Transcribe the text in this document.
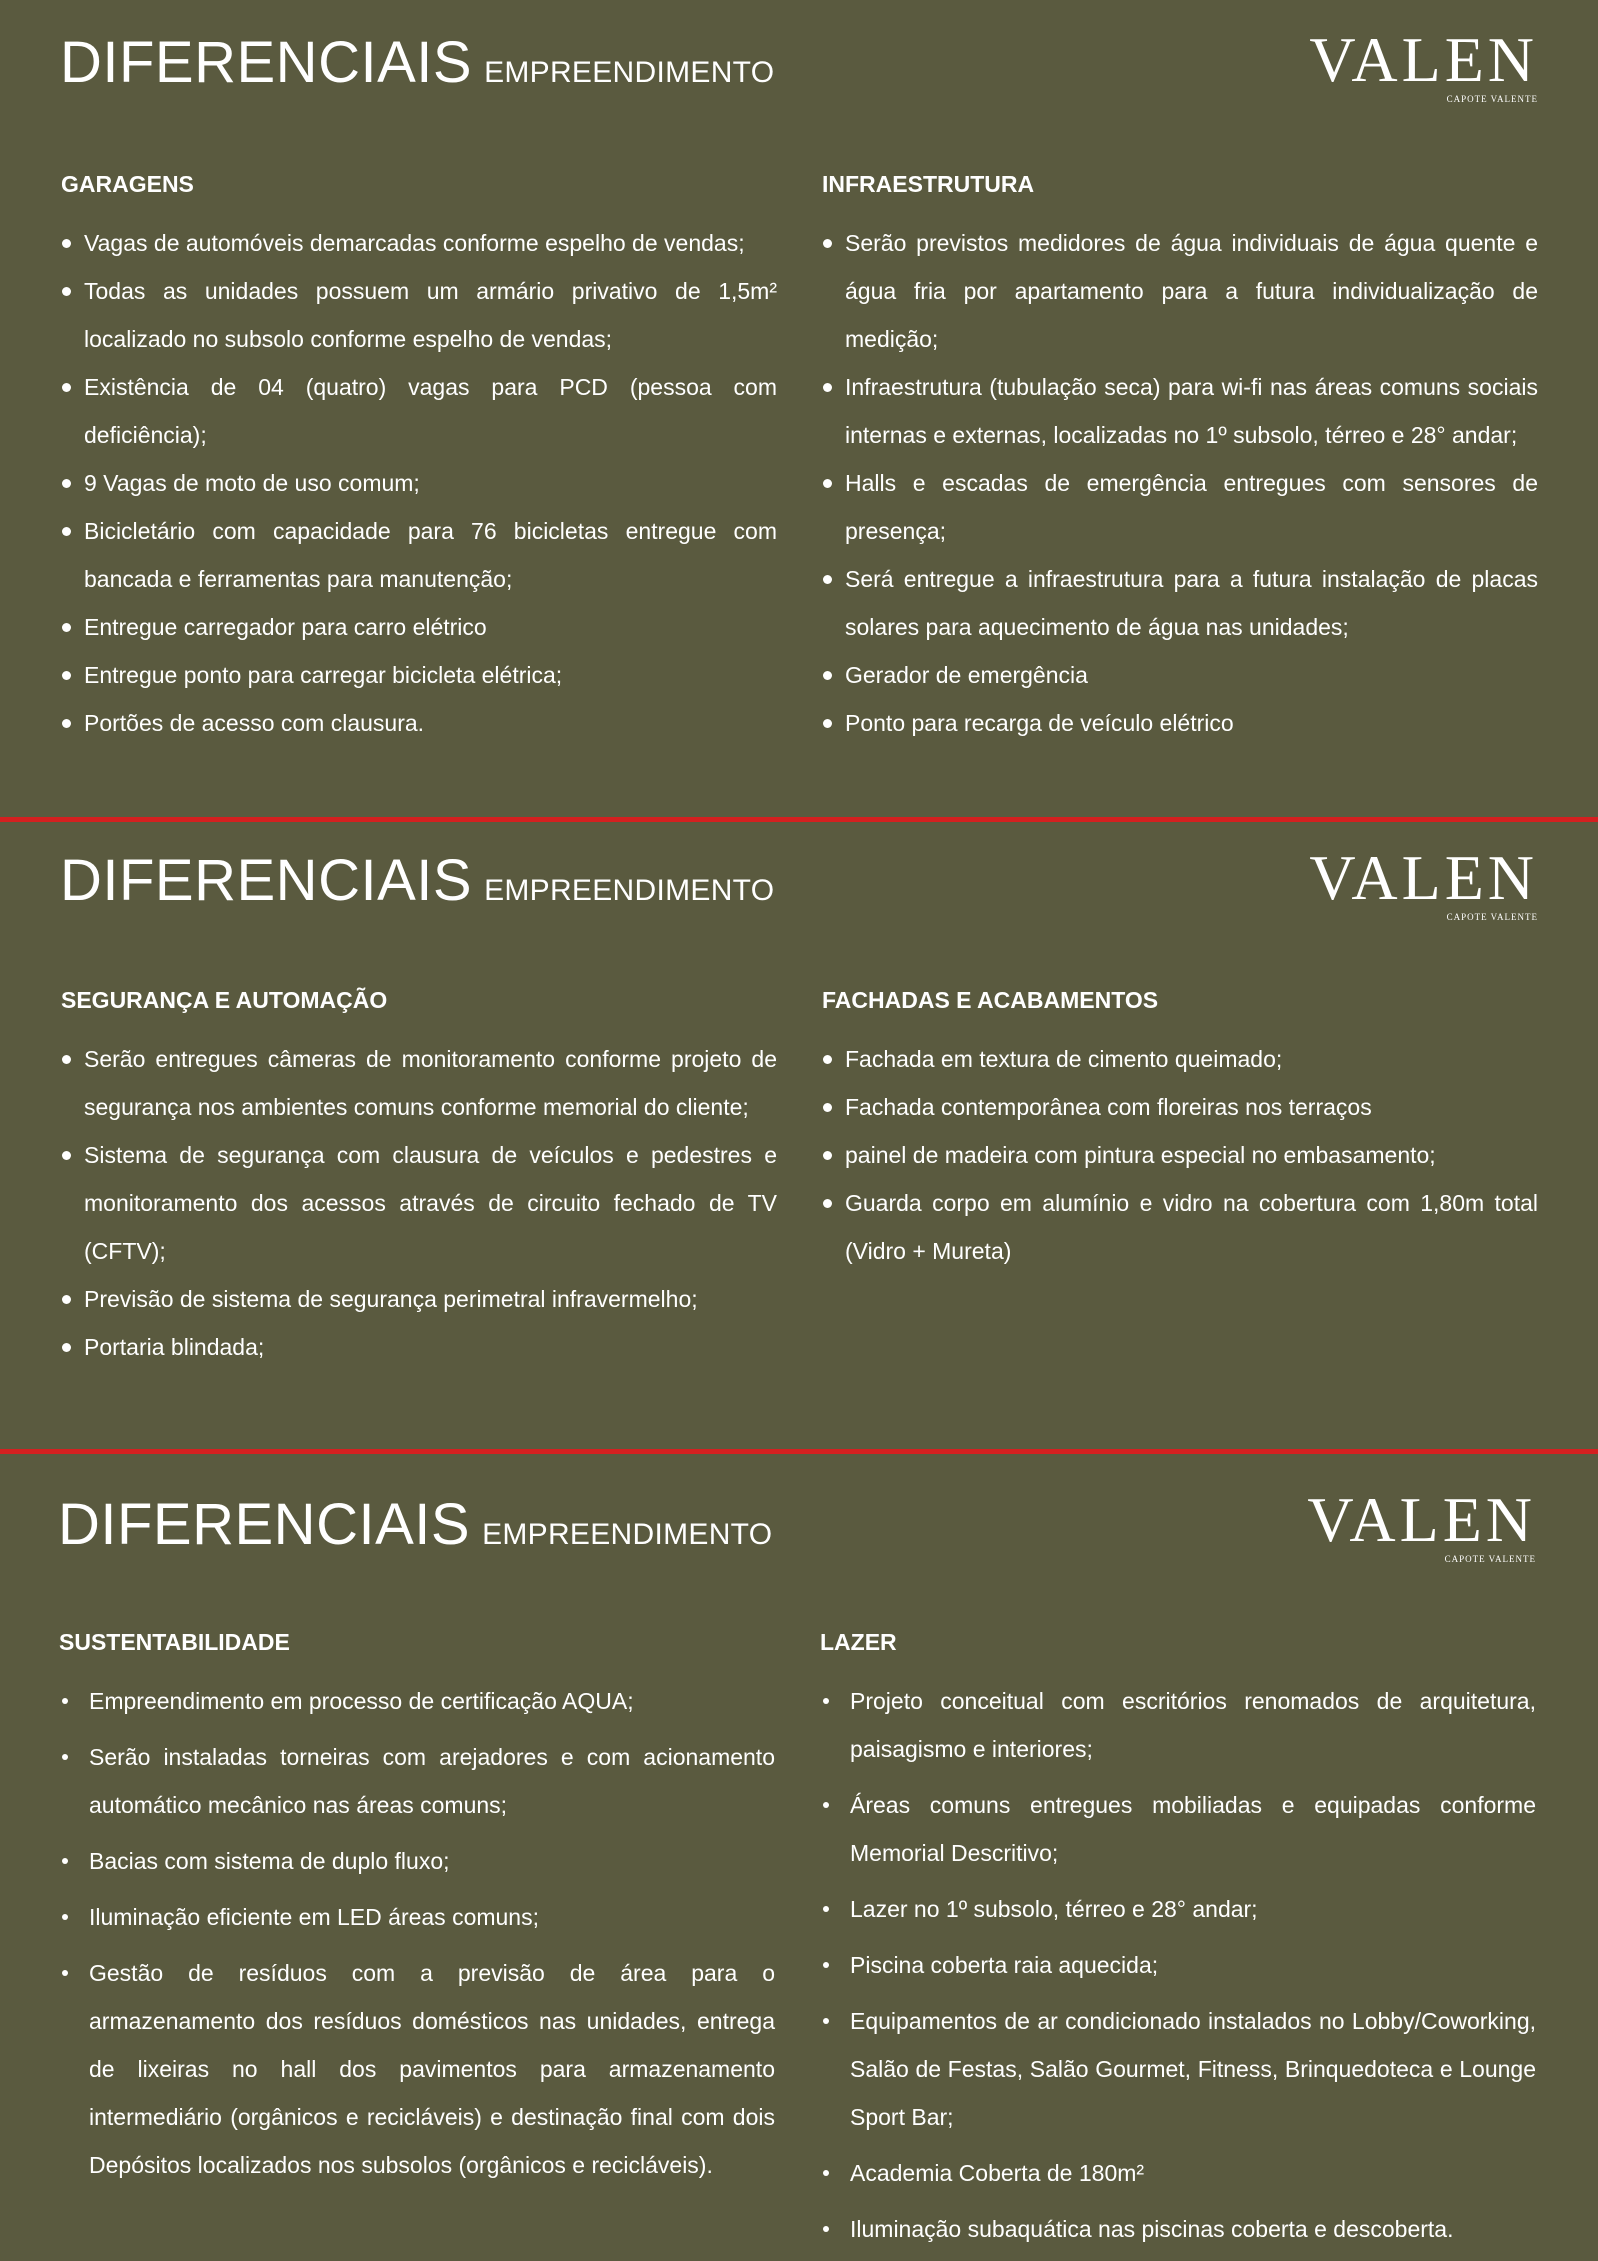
DIFERENCIAIS EMPREENDIMENTO	VALEN
CAPOTE VALENTE
GARAGENS
Vagas de automóveis demarcadas conforme espelho de vendas;
Todas as unidades possuem um armário privativo de 1,5m² localizado no subsolo conforme espelho de vendas;
Existência de 04 (quatro) vagas para PCD (pessoa com deficiência);
9 Vagas de moto de uso comum;
Bicicletário com capacidade para 76 bicicletas entregue com bancada e ferramentas para manutenção;
Entregue carregador para carro elétrico
Entregue ponto para carregar bicicleta elétrica;
Portões de acesso com clausura.
INFRAESTRUTURA
Serão previstos medidores de água individuais de água quente e água fria por apartamento para a futura individualização de medição;
Infraestrutura (tubulação seca) para wi-fi nas áreas comuns sociais internas e externas, localizadas no 1º subsolo, térreo e 28° andar;
Halls e escadas de emergência entregues com sensores de presença;
Será entregue a infraestrutura para a futura instalação de placas solares para aquecimento de água nas unidades;
Gerador de emergência
Ponto para recarga de veículo elétrico
DIFERENCIAIS EMPREENDIMENTO	VALEN
CAPOTE VALENTE
SEGURANÇA E AUTOMAÇÃO
Serão entregues câmeras de monitoramento conforme projeto de segurança nos ambientes comuns conforme memorial do cliente;
Sistema de segurança com clausura de veículos e pedestres e monitoramento dos acessos através de circuito fechado de TV (CFTV);
Previsão de sistema de segurança perimetral infravermelho;
Portaria blindada;
FACHADAS E ACABAMENTOS
Fachada em textura de cimento queimado;
Fachada contemporânea com floreiras nos terraços
painel de madeira com pintura especial no embasamento;
Guarda corpo em alumínio e vidro na cobertura com 1,80m total (Vidro + Mureta)
DIFERENCIAIS EMPREENDIMENTO	VALEN
CAPOTE VALENTE
SUSTENTABILIDADE
Empreendimento em processo de certificação AQUA;
Serão instaladas torneiras com arejadores e com acionamento automático mecânico nas áreas comuns;
Bacias com sistema de duplo fluxo;
Iluminação eficiente em LED áreas comuns;
Gestão de resíduos com a previsão de área para o armazenamento dos resíduos domésticos nas unidades, entrega de lixeiras no hall dos pavimentos para armazenamento intermediário (orgânicos e recicláveis) e destinação final com dois Depósitos localizados nos subsolos (orgânicos e recicláveis).
LAZER
Projeto conceitual com escritórios renomados de arquitetura, paisagismo e interiores;
Áreas comuns entregues mobiliadas e equipadas conforme Memorial Descritivo;
Lazer no 1º subsolo, térreo e 28° andar;
Piscina coberta raia aquecida;
Equipamentos de ar condicionado instalados no Lobby/Coworking, Salão de Festas, Salão Gourmet, Fitness, Brinquedoteca e Lounge Sport Bar;
Academia Coberta de 180m²
Iluminação subaquática nas piscinas coberta e descoberta.
